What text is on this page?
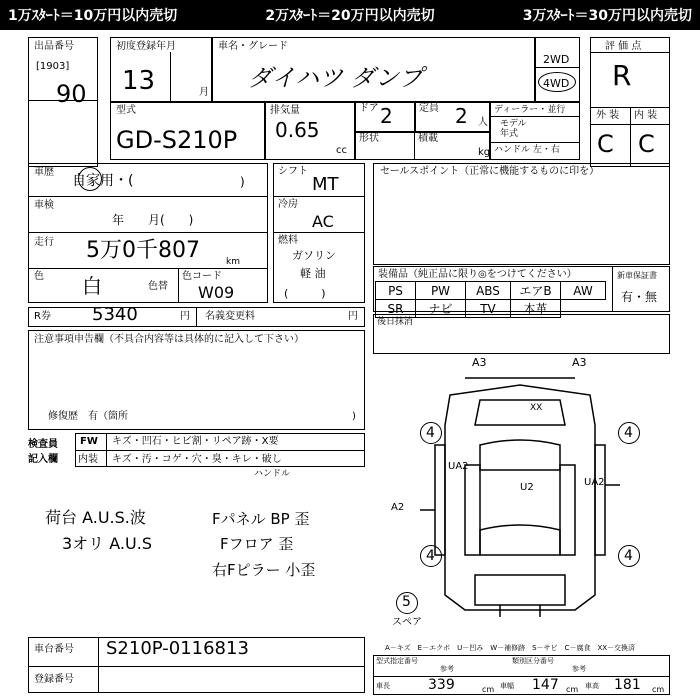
1万ｽﾀｰﾄ＝10万円以内売切	2万ｽﾀｰﾄ＝20万円以内売切	3万ｽﾀｰﾄ＝30万円以内売切
出品番号
[1903]
90
初度登録年月
13	月
車名・グレード
ダイハツ ダンプ
2WD
4WD
評 価 点
R
外 装 内 装
C C
型式
GD-S210P
排気量
0.65
cc
ドア 2	定員 2 人
形状	積載
kg
ディーラー・並行
モデル
年式
ハンドル 左・右
車歴
自家用・(	)
車検
年　　月(　　)
走行 5万0千807	km
色 白	色替
色コード
W09
シフト
MT
冷房
AC
燃料
ガソリン
軽 油
(　　　)
セールスポイント（正常に機能するものに印を）
装備品（純正品に限り◎をつけてください）	新車保証書
有・無
PS	PW	ABS	エアB	AW
SR	ナビ	TV	本革	
R券 5340	円 名義変更料	円 後日抹消
注意事項申告欄（不具合内容等は具体的に記入して下さい）
修復歴　有（箇所	)
検査員
記入欄
FW キズ・凹石・ヒビ割・リペア跡・X要
内装 キズ・汚・コゲ・穴・臭・キレ・破し
ハンドル
荷台 A.U.S.波
3オリ A.U.S
Fパネル BP 歪
Fフロア 歪
右Fピラー 小歪
A3	A3
XX
UA2
U2	UA2
A2
4	4
4	4
5
スペア
A－キズ　E－エクボ　U－凹み　W－補修跡　S－サビ　C－腐食　XX－交換済
車台番号 S210P-0116813
登録番号
型式指定番号	類別区分番号
参考	参考
車長	339	cm 車幅 147 cm 車高 181 cm
